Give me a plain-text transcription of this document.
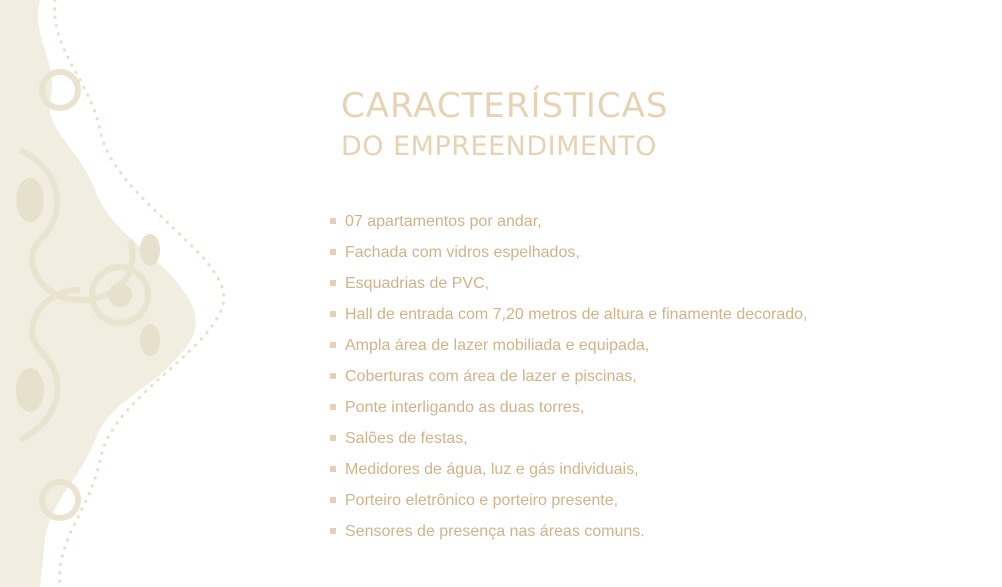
CARACTERÍSTICAS
DO EMPREENDIMENTO
07 apartamentos por andar,
Fachada com vidros espelhados,
Esquadrias de PVC,
Hall de entrada com 7,20 metros de altura e finamente decorado,
Ampla área de lazer mobiliada e equipada,
Coberturas com área de lazer e piscinas,
Ponte interligando as duas torres,
Salões de festas,
Medidores de água, luz e gás individuais,
Porteiro eletrônico e porteiro presente,
Sensores de presença nas áreas comuns.
